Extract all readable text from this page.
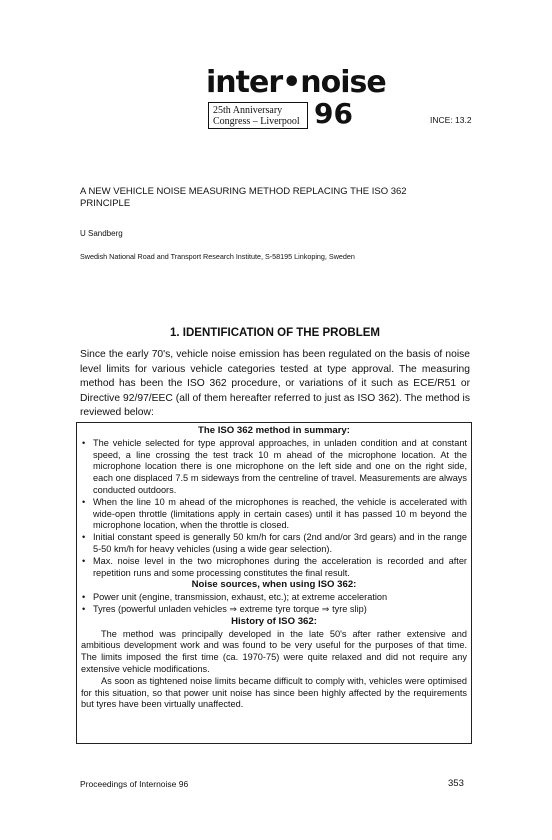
inter•noise
25th Anniversary
Congress – Liverpool 96	INCE: 13.2
A NEW VEHICLE NOISE MEASURING METHOD REPLACING THE ISO 362
PRINCIPLE
U Sandberg
Swedish National Road and Transport Research Institute, S-58195 Linkoping, Sweden
1. IDENTIFICATION OF THE PROBLEM
Since the early 70's, vehicle noise emission has been regulated on the basis of noise level limits for various vehicle categories tested at type approval. The measuring method has been the ISO 362 procedure, or variations of it such as ECE/R51 or Directive 92/97/EEC (all of them hereafter referred to just as ISO 362). The method is reviewed below:
The ISO 362 method in summary:
• The vehicle selected for type approval approaches, in unladen condition and at constant speed, a line crossing the test track 10 m ahead of the microphone location. At the microphone location there is one microphone on the left side and one on the right side, each one displaced 7.5 m sideways from the centreline of travel. Measurements are always conducted outdoors.
• When the line 10 m ahead of the microphones is reached, the vehicle is accelerated with wide-open throttle (limitations apply in certain cases) until it has passed 10 m beyond the microphone location, when the throttle is closed.
• Initial constant speed is generally 50 km/h for cars (2nd and/or 3rd gears) and in the range 5-50 km/h for heavy vehicles (using a wide gear selection).
• Max. noise level in the two microphones during the acceleration is recorded and after repetition runs and some processing constitutes the final result.
Noise sources, when using ISO 362:
• Power unit (engine, transmission, exhaust, etc.); at extreme acceleration
• Tyres (powerful unladen vehicles ⇒ extreme tyre torque ⇒ tyre slip)
History of ISO 362:

The method was principally developed in the late 50's after rather extensive and ambitious development work and was found to be very useful for the purposes of that time. The limits imposed the first time (ca. 1970-75) were quite relaxed and did not require any extensive vehicle modifications.

As soon as tightened noise limits became difficult to comply with, vehicles were optimised for this situation, so that power unit noise has since been highly affected by the requirements but tyres have been virtually unaffected.

Proceedings of Internoise 96	353
